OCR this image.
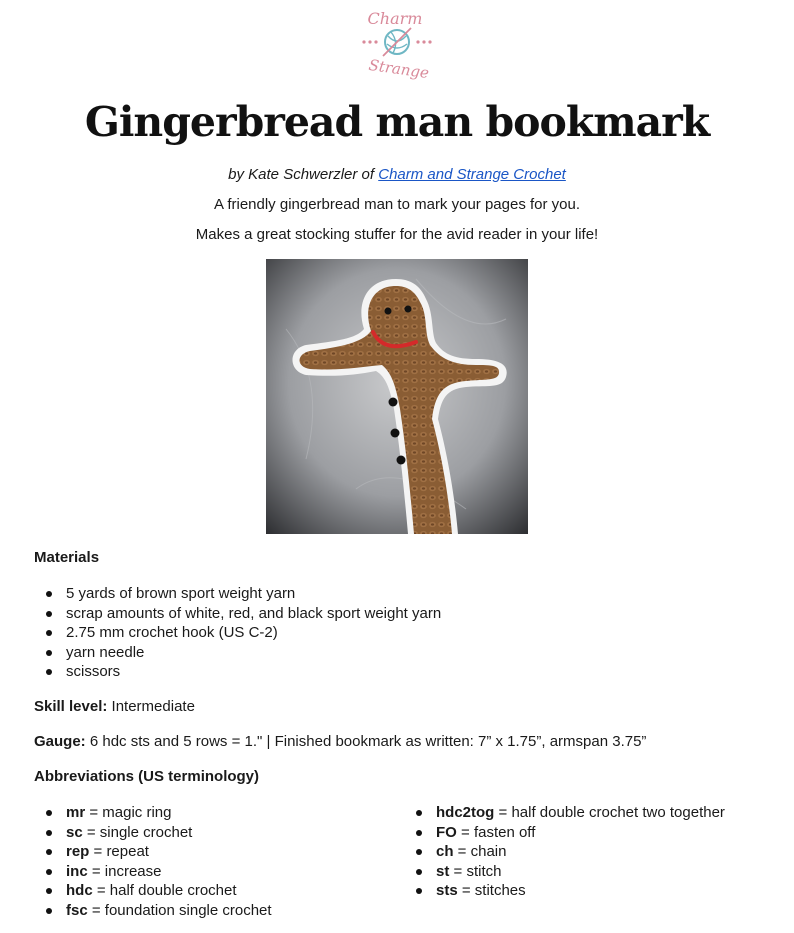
Charm
Strange
Gingerbread man bookmark
by Kate Schwerzler of Charm and Strange Crochet
A friendly gingerbread man to mark your pages for you.
Makes a great stocking stuffer for the avid reader in your life!
Materials
5 yards of brown sport weight yarn
scrap amounts of white, red, and black sport weight yarn
2.75 mm crochet hook (US C-2)
yarn needle
scissors

Skill level: Intermediate

Gauge: 6 hdc sts and 5 rows = 1." | Finished bookmark as written: 7” x 1.75”, armspan 3.75”

Abbreviations (US terminology)
mr = magic ring
sc = single crochet
rep = repeat
inc = increase
hdc = half double crochet
fsc = foundation single crochet
hdc2tog = half double crochet two together
FO = fasten off
ch = chain
st = stitch
sts = stitches
